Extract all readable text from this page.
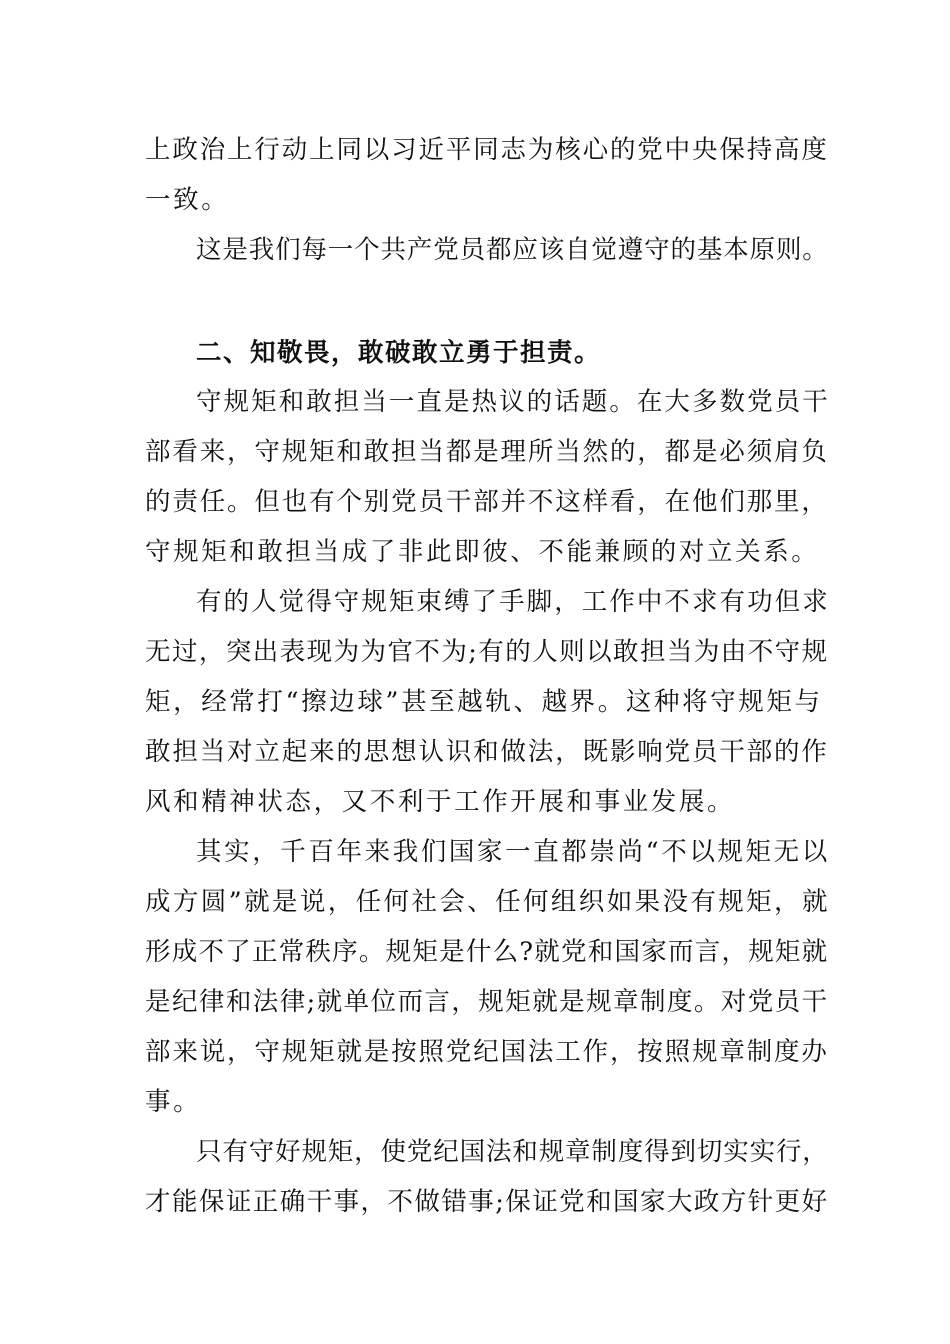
上政治上行动上同以习近平同志为核心的党中央保持高度
一致。
这是我们每一个共产党员都应该自觉遵守的基本原则。
二、知敬畏，敢破敢立勇于担责。
守规矩和敢担当一直是热议的话题。在大多数党员干
部看来，守规矩和敢担当都是理所当然的，都是必须肩负
的责任。但也有个别党员干部并不这样看，在他们那里，
守规矩和敢担当成了非此即彼、不能兼顾的对立关系。
有的人觉得守规矩束缚了手脚，工作中不求有功但求
无过，突出表现为为官不为;有的人则以敢担当为由不守规
矩，经常打“擦边球”甚至越轨、越界。这种将守规矩与
敢担当对立起来的思想认识和做法，既影响党员干部的作
风和精神状态，又不利于工作开展和事业发展。
其实，千百年来我们国家一直都崇尚“不以规矩无以
成方圆”就是说，任何社会、任何组织如果没有规矩，就
形成不了正常秩序。规矩是什么?就党和国家而言，规矩就
是纪律和法律;就单位而言，规矩就是规章制度。对党员干
部来说，守规矩就是按照党纪国法工作，按照规章制度办
事。
只有守好规矩，使党纪国法和规章制度得到切实实行，
才能保证正确干事，不做错事;保证党和国家大政方针更好
